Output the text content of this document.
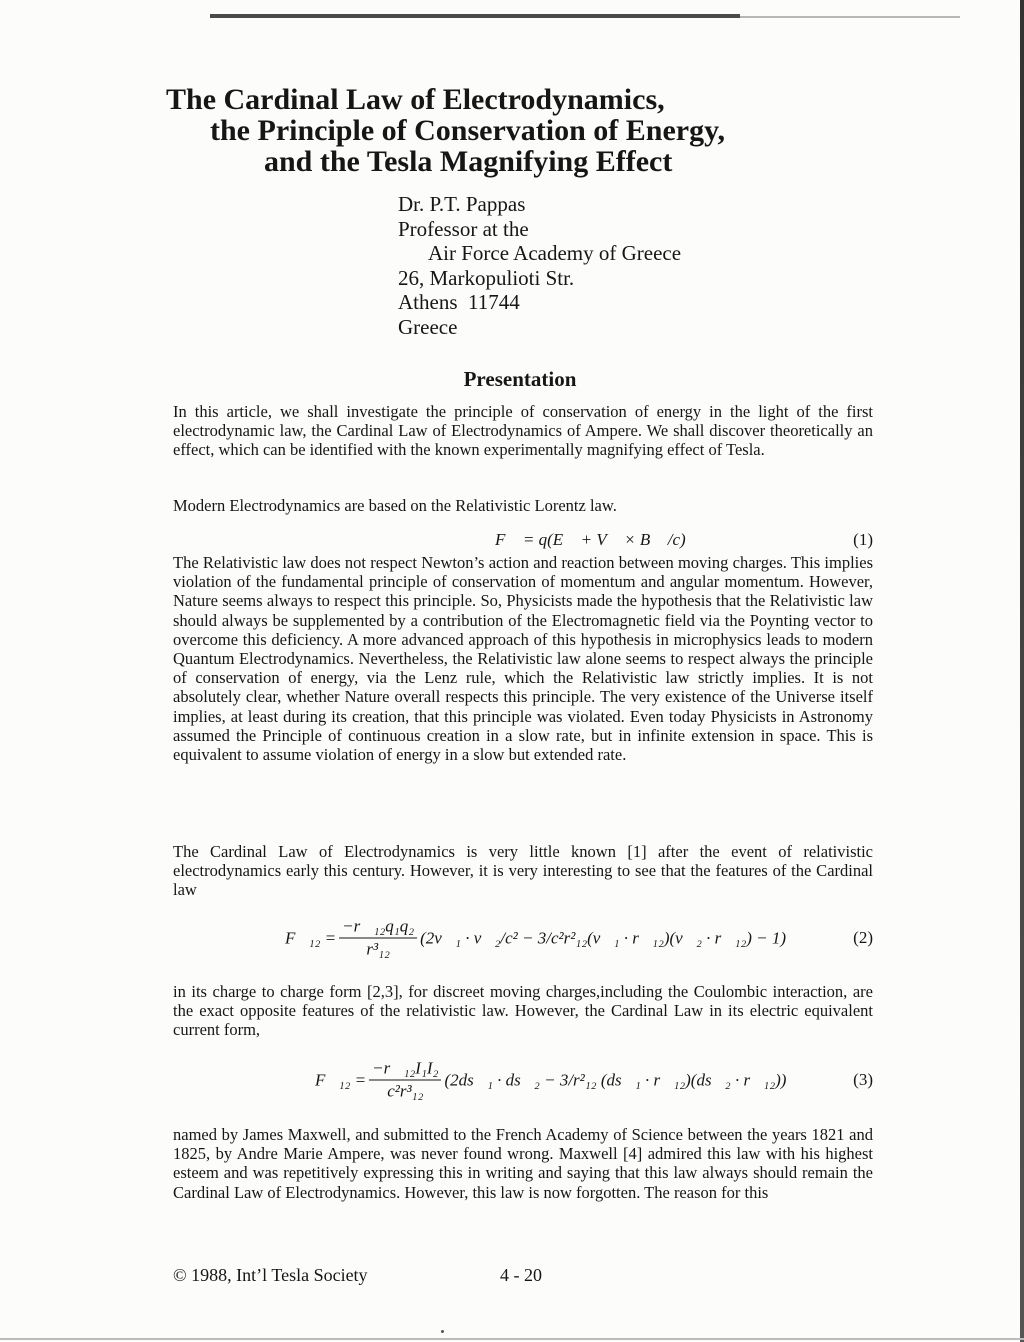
The Cardinal Law of Electrodynamics,
the Principle of Conservation of Energy,
and the Tesla Magnifying Effect
Dr. P.T. Pappas
Professor at the
Air Force Academy of Greece
26, Markopulioti Str.
Athens  11744
Greece
Presentation
In this article, we shall investigate the principle of conservation of energy in the light of the first electrodynamic law, the Cardinal Law of Electrodynamics of Ampere. We shall discover theoretically an effect, which can be identified with the known experimentally magnifying effect of Tesla.
Modern Electrodynamics are based on the Relativistic Lorentz law.
F⃗ = q(E⃗ + V⃗ × B⃗ /c)	(1)
The Relativistic law does not respect Newton’s action and reaction between moving charges. This implies violation of the fundamental principle of conservation of momentum and angular momentum. However, Nature seems always to respect this principle. So, Physicists made the hypothesis that the Relativistic law should always be supplemented by a contribution of the Electromagnetic field via the Poynting vector to overcome this deficiency. A more advanced approach of this hypothesis in microphysics leads to modern Quantum Electrodynamics. Nevertheless, the Relativistic law alone seems to respect always the principle of conservation of energy, via the Lenz rule, which the Relativistic law strictly implies. It is not absolutely clear, whether Nature overall respects this principle. The very existence of the Universe itself implies, at least during its creation, that this principle was violated. Even today Physicists in Astronomy assumed the Principle of continuous creation in a slow rate, but in infinite extension in space. This is equivalent to assume violation of energy in a slow but extended rate.
The Cardinal Law of Electrodynamics is very little known [1] after the event of relativistic electrodynamics early this century. However, it is very interesting to see that the features of the Cardinal law
F⃗₁₂ = $\frac{\text{−r⃗₁₂q₁q₂}}{\text{r³₁₂}}$ (2v⃗₁ · v⃗₂/c² − 3/c²r²₁₂(v⃗₁ · r⃗₁₂)(v⃗₂ · r⃗₁₂) − 1)	(2)
in its charge to charge form [2,3], for discreet moving charges,including the Coulombic interaction, are the exact opposite features of the relativistic law. However, the Cardinal Law in its electric equivalent current form,
F⃗₁₂ = $\frac{\text{−r⃗₁₂I₁I₂}}{\text{c²r³₁₂}}$ (2ds⃗₁ · ds⃗₂ − 3/r²₁₂ (ds⃗₁ · r⃗₁₂)(ds⃗₂ · r⃗₁₂))	(3)
named by James Maxwell, and submitted to the French Academy of Science between the years 1821 and 1825, by Andre Marie Ampere, was never found wrong. Maxwell [4] admired this law with his highest esteem and was repetitively expressing this in writing and saying that this law always should remain the Cardinal Law of Electrodynamics. However, this law is now forgotten. The reason for this
© 1988, Int’l Tesla Society	4 - 20
